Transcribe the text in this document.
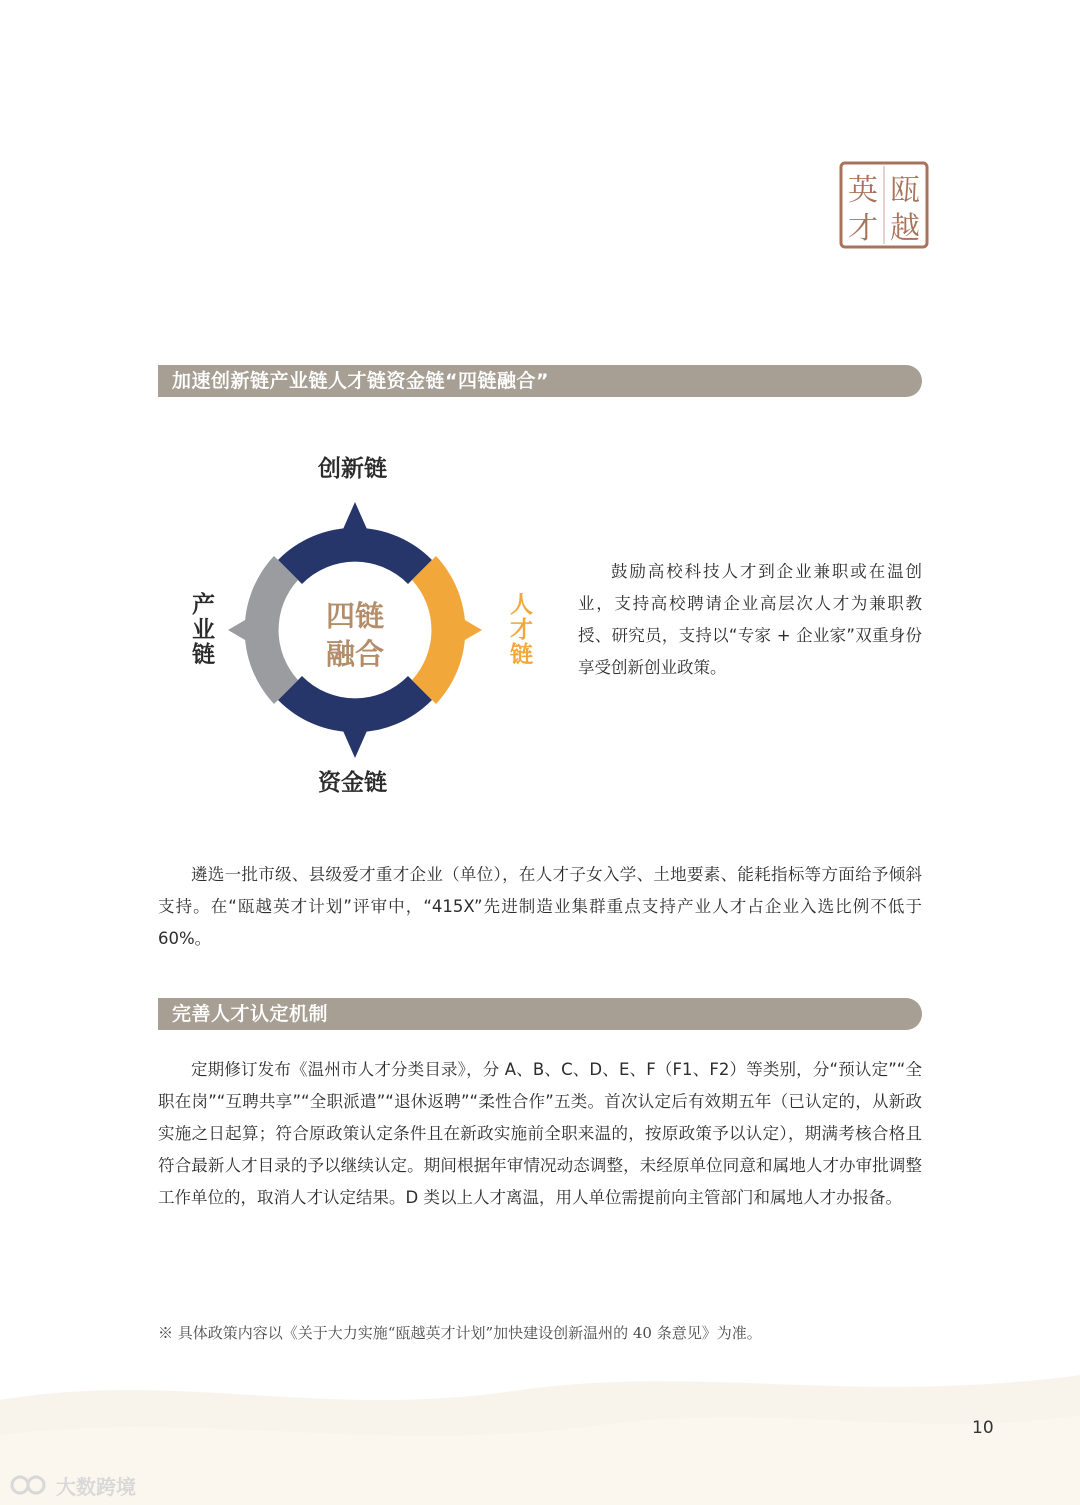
瓯
越
英
才
加速创新链产业链人才链资金链“四链融合”
四链
融合
创新链
资金链
产业链	人才链
鼓励高校科技人才到企业兼职或在温创业，支持高校聘请企业高层次人才为兼职教授、研究员，支持以“专家 + 企业家”双重身份享受创新创业政策。
遴选一批市级、县级爱才重才企业（单位），在人才子女入学、土地要素、能耗指标等方面给予倾斜支持。在“瓯越英才计划”评审中，“415X”先进制造业集群重点支持产业人才占企业入选比例不低于 60%。
完善人才认定机制
定期修订发布《温州市人才分类目录》，分 A、B、C、D、E、F（F1、F2）等类别，分“预认定”“全职在岗”“互聘共享”“全职派遣”“退休返聘”“柔性合作”五类。首次认定后有效期五年（已认定的，从新政实施之日起算；符合原政策认定条件且在新政实施前全职来温的，按原政策予以认定），期满考核合格且符合最新人才目录的予以继续认定。期间根据年审情况动态调整，未经原单位同意和属地人才办审批调整工作单位的，取消人才认定结果。D 类以上人才离温，用人单位需提前向主管部门和属地人才办报备。
※ 具体政策内容以《关于大力实施“瓯越英才计划”加快建设创新温州的 40 条意见》为准。
10
大数跨境
